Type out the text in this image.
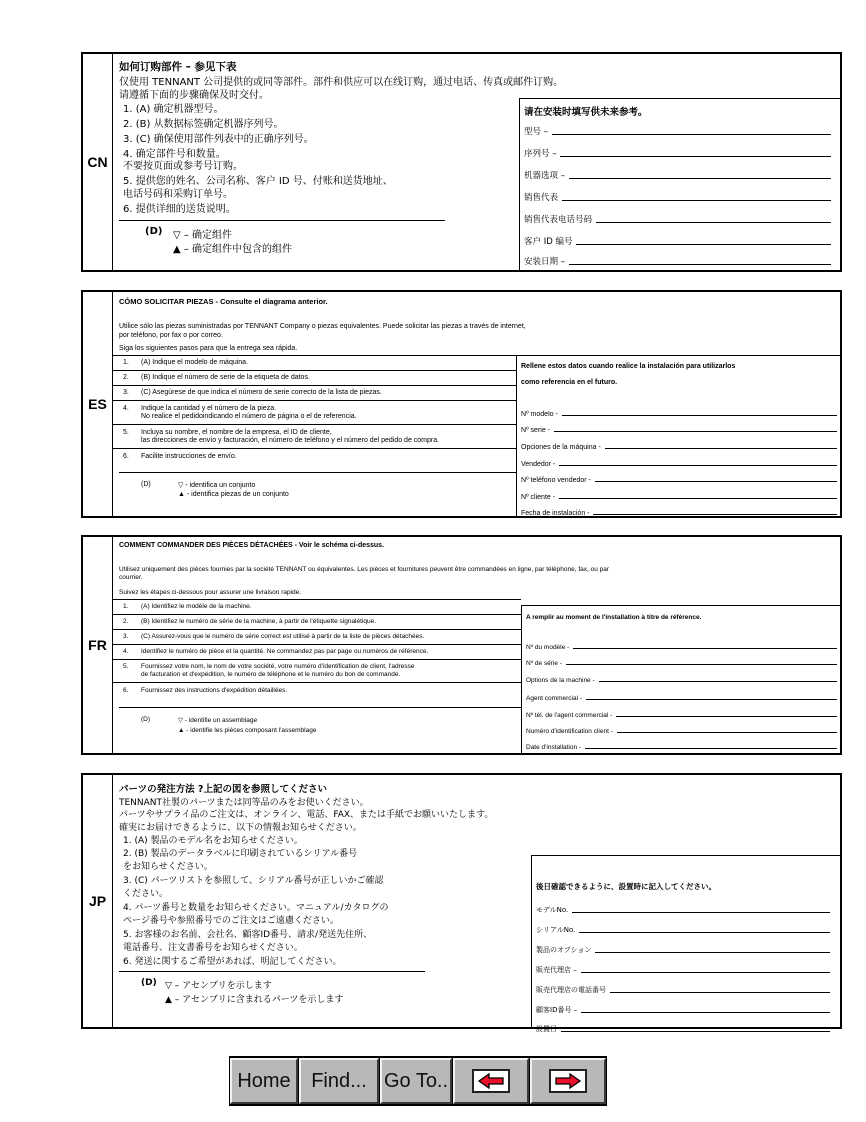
CN
如何订购部件 – 参见下表
仅使用 TENNANT 公司提供的或同等部件。部件和供应可以在线订购，通过电话、传真或邮件订购。
请遵循下面的步骤确保及时交付。
1. (A) 确定机器型号。
2. (B) 从数据标签确定机器序列号。
3. (C) 确保使用部件列表中的正确序列号。
4. 确定部件号和数量。
不要按页面或参考号订购。
5. 提供您的姓名、公司名称、客户 ID 号、付账和送货地址、
电话号码和采购订单号。
6. 提供详细的送货说明。
(D) ▽ – 确定组件
▲ – 确定组件中包含的组件
请在安装时填写供未来参考。
型号 –
序列号 –
机器选项 –
销售代表
销售代表电话号码
客户 ID 编号
安装日期 –
ES
CÓMO SOLICITAR PIEZAS - Consulte el diagrama anterior.
Utilice sólo las piezas suministradas por TENNANT Company o piezas equivalentes. Puede solicitar las piezas a través de internet,
por teléfono, por fax o por correo.
Siga los siguientes pasos para que la entrega sea rápida.
1. (A) Indique el modelo de máquina.
2. (B) Indique el número de serie de la etiqueta de datos.
3. (C) Asegúrese de que indica el número de serie correcto de la lista de piezas.
4. Indique la cantidad y el número de la pieza.
No realice el pedidoindicando el número de página o el de referencia.
5. Incluya su nombre, el nombre de la empresa, el ID de cliente,
las direcciones de envío y facturación, el número de teléfono y el número del pedido de compra.
6. Facilite instrucciones de envío.
(D)	▽ - identifica un conjunto
▲ - identifica piezas de un conjunto
Rellene estos datos cuando realice la instalación para utilizarlos
como referencia en el futuro.
Nº modelo -
Nº serie -
Opciones de la máquina -
Vendedor -
Nº teléfono vendedor -
Nº cliente -
Fecha de instalación -
FR
COMMENT COMMANDER DES PIÈCES DÉTACHÉES - Voir le schéma ci-dessus.
Utilisez uniquement des pièces fournies par la société TENNANT ou équivalentes. Les pièces et fournitures peuvent être commandées en ligne, par téléphone, fax, ou par
courrier.
Suivez les étapes ci-dessous pour assurer une livraison rapide.
1. (A) Identifiez le modèle de la machine.
2. (B) Identifiez le numéro de série de la machine, à partir de l'étiquette signalétique.
3. (C) Assurez-vous que le numéro de série correct est utilisé à partir de la liste de pièces détachées.
4. Identifiez le numéro de pièce et la quantité. Ne commandez pas par page ou numéros de référence.
5. Fournissez votre nom, le nom de votre société, votre numéro d'identification de client, l'adresse
de facturation et d'expédition, le numéro de téléphone et le numéro du bon de commande.
6. Fournissez des instructions d'expédition détaillées.
(D)	▽ - identifie un assemblage
▲ - identifie les pièces composant l'assemblage
A remplir au moment de l'installation à titre de référence.
Nº du modèle -
Nº de série -
Options de la machine -
Agent commercial -
Nº tél. de l'agent commercial -
Numéro d'identification client -
Date d'installation -
JP
パーツの発注方法 ?上記の図を参照してください
TENNANT社製のパーツまたは同等品のみをお使いください。
パーツやサプライ品のご注文は、オンライン、電話、FAX、または手紙でお願いいたします。
確実にお届けできるように、以下の情報お知らせください。
1. (A) 製品のモデル名をお知らせください。
2. (B) 製品のデータラベルに印刷されているシリアル番号
をお知らせください。
3. (C) パーツリストを参照して、シリアル番号が正しいかご確認
ください。
4. パーツ番号と数量をお知らせください。マニュアル/カタログの
ページ番号や参照番号でのご注文はご遠慮ください。
5. お客様のお名前、会社名、顧客ID番号、請求/発送先住所、
電話番号、注文書番号をお知らせください。
6. 発送に関するご希望があれば、明記してください。
(D) ▽ – アセンブリを示します
▲ – アセンブリに含まれるパーツを示します
後日確認できるように、設置時に記入してください。
モデルNo.
シリアルNo.
製品のオプション
販売代理店 –
販売代理店の電話番号
顧客ID番号 –
設置日
Home Find... Go To..
